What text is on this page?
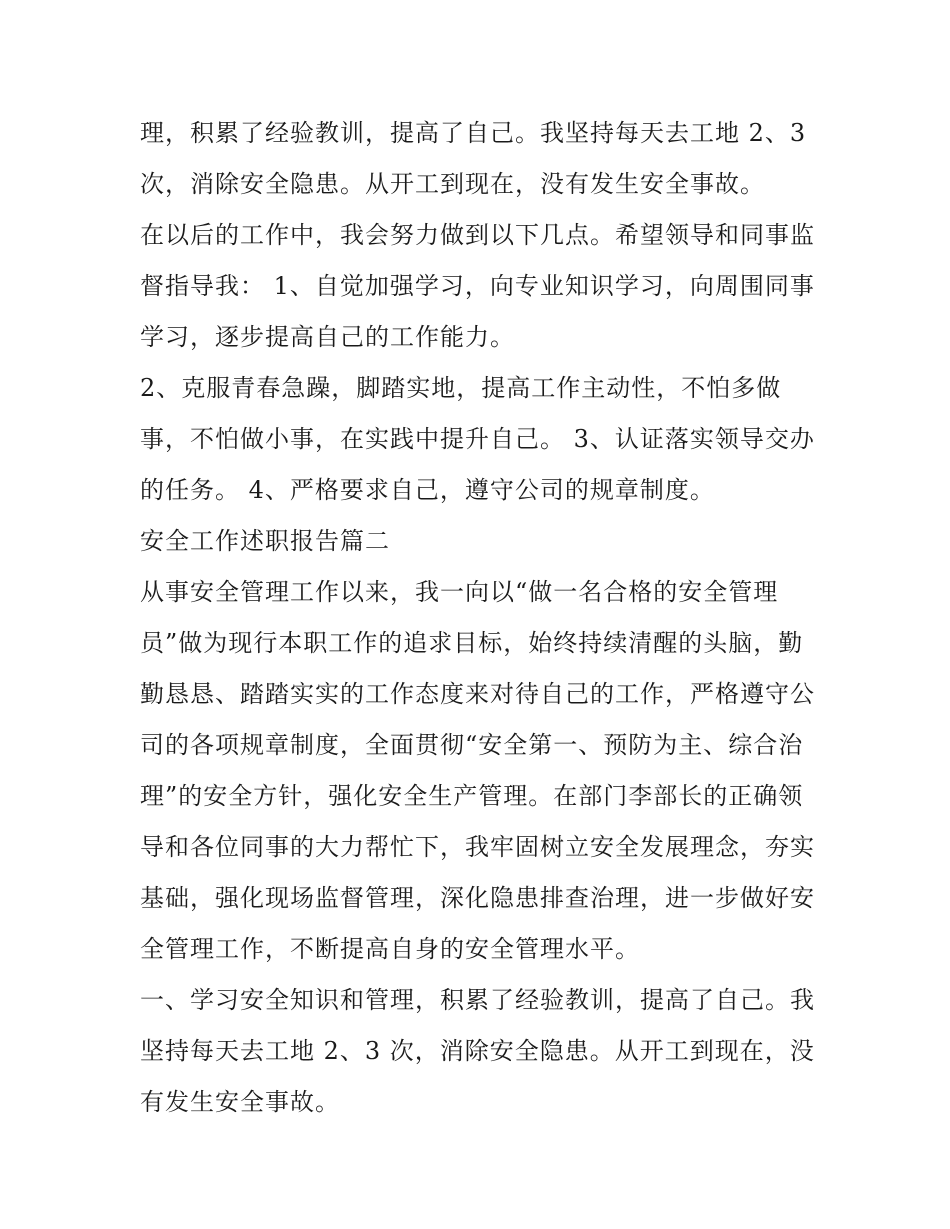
理，积累了经验教训，提高了自己。我坚持每天去工地 2、3
次，消除安全隐患。从开工到现在，没有发生安全事故。
在以后的工作中，我会努力做到以下几点。希望领导和同事监
督指导我： 1、自觉加强学习，向专业知识学习，向周围同事
学习，逐步提高自己的工作能力。
2、克服青春急躁，脚踏实地，提高工作主动性，不怕多做
事，不怕做小事，在实践中提升自己。 3、认证落实领导交办
的任务。 4、严格要求自己，遵守公司的规章制度。
安全工作述职报告篇二
从事安全管理工作以来，我一向以“做一名合格的安全管理
员”做为现行本职工作的追求目标，始终持续清醒的头脑，勤
勤恳恳、踏踏实实的工作态度来对待自己的工作，严格遵守公
司的各项规章制度，全面贯彻“安全第一、预防为主、综合治
理”的安全方针，强化安全生产管理。在部门李部长的正确领
导和各位同事的大力帮忙下，我牢固树立安全发展理念，夯实
基础，强化现场监督管理，深化隐患排查治理，进一步做好安
全管理工作，不断提高自身的安全管理水平。
一、学习安全知识和管理，积累了经验教训，提高了自己。我
坚持每天去工地 2、3 次，消除安全隐患。从开工到现在，没
有发生安全事故。
